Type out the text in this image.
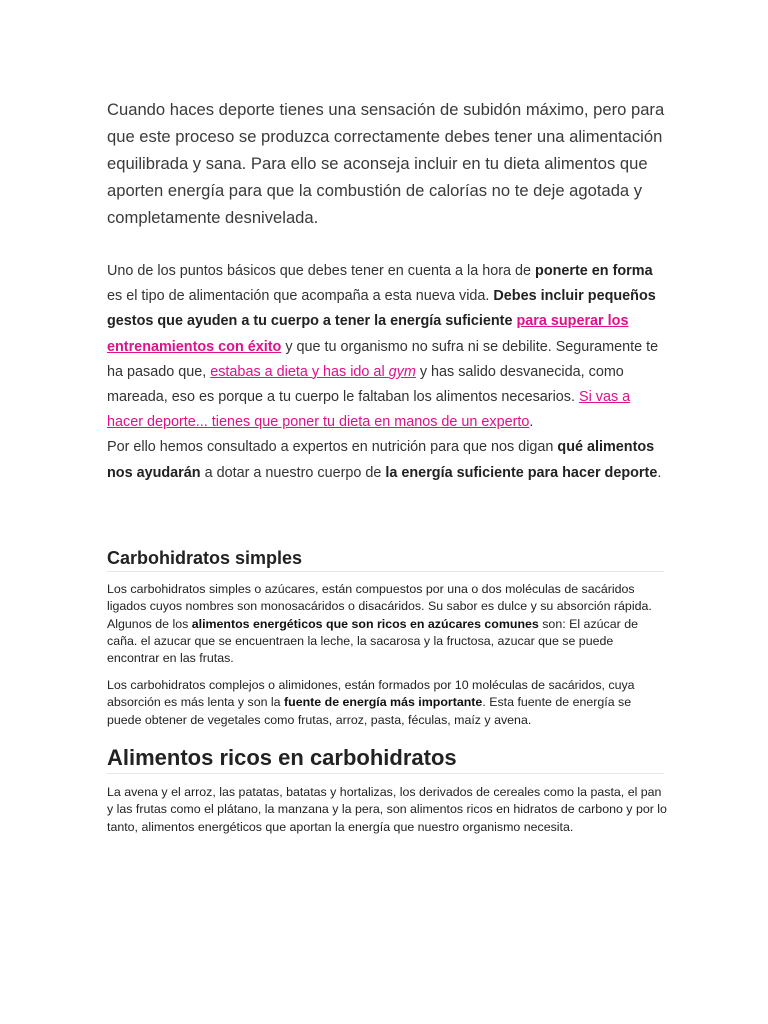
Cuando haces deporte tienes una sensación de subidón máximo, pero para que este proceso se produzca correctamente debes tener una alimentación equilibrada y sana. Para ello se aconseja incluir en tu dieta alimentos que aporten energía para que la combustión de calorías no te deje agotada y completamente desnivelada.

Uno de los puntos básicos que debes tener en cuenta a la hora de ponerte en forma es el tipo de alimentación que acompaña a esta nueva vida. Debes incluir pequeños gestos que ayuden a tu cuerpo a tener la energía suficiente para superar los entrenamientos con éxito y que tu organismo no sufra ni se debilite. Seguramente te ha pasado que, estabas a dieta y has ido al gym y has salido desvanecida, como mareada, eso es porque a tu cuerpo le faltaban los alimentos necesarios. Si vas a hacer deporte... tienes que poner tu dieta en manos de un experto.

Por ello hemos consultado a expertos en nutrición para que nos digan qué alimentos nos ayudarán a dotar a nuestro cuerpo de la energía suficiente para hacer deporte.

Carbohidratos simples

Los carbohidratos simples o azúcares, están compuestos por una o dos moléculas de sacáridos ligados cuyos nombres son monosacáridos o disacáridos. Su sabor es dulce y su absorción rápida. Algunos de los alimentos energéticos que son ricos en azúcares comunes son: El azúcar de caña. el azucar que se encuentraen la leche, la sacarosa y la fructosa, azucar que se puede encontrar en las frutas.

Los carbohidratos complejos o alimidones, están formados por 10 moléculas de sacáridos, cuya absorción es más lenta y son la fuente de energía más importante. Esta fuente de energía se puede obtener de vegetales como frutas, arroz, pasta, féculas, maíz y avena.

Alimentos ricos en carbohidratos

La avena y el arroz, las patatas, batatas y hortalizas, los derivados de cereales como la pasta, el pan y las frutas como el plátano, la manzana y la pera, son alimentos ricos en hidratos de carbono y por lo tanto, alimentos energéticos que aportan la energía que nuestro organismo necesita.
